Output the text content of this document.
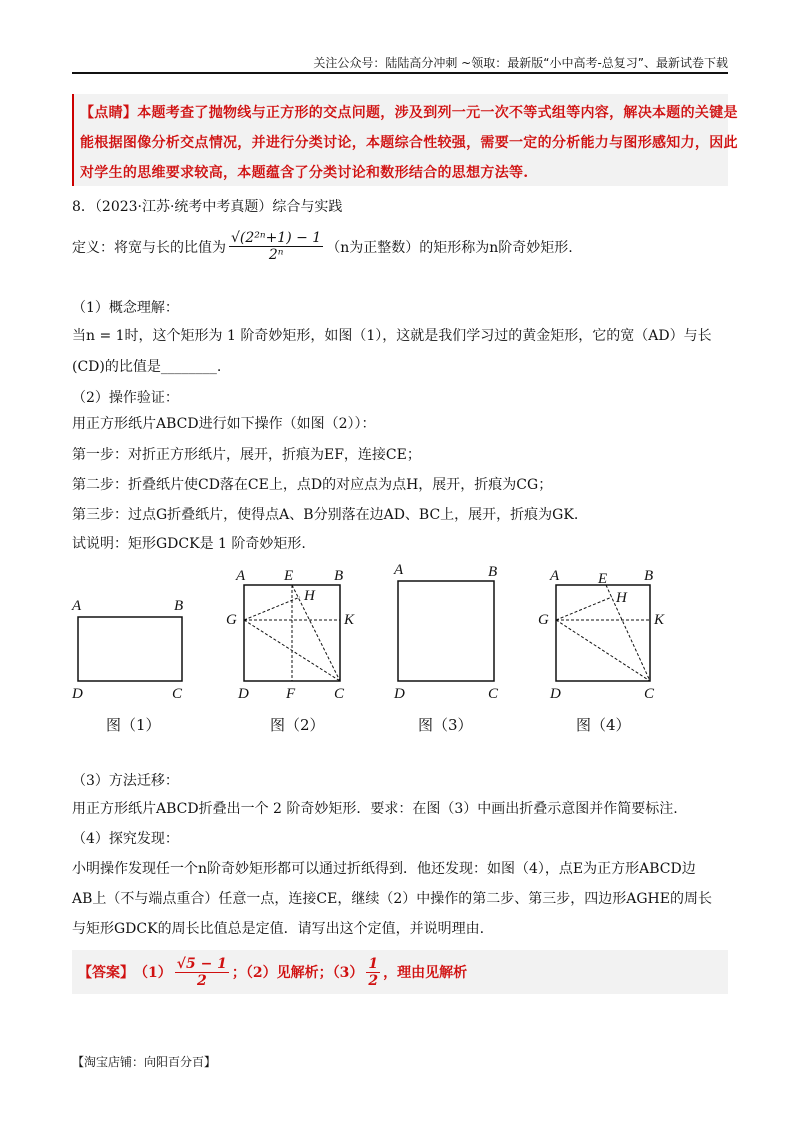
关注公众号：陆陆高分冲刺 ~领取：最新版“小中高考-总复习”、最新试卷下载

【点睛】本题考查了抛物线与正方形的交点问题，涉及到列一元一次不等式组等内容，解决本题的关键是

能根据图像分析交点情况，并进行分类讨论，本题综合性较强，需要一定的分析能力与图形感知力，因此

对学生的思维要求较高，本题蕴含了分类讨论和数形结合的思想方法等.

8．（2023·江苏·统考中考真题）综合与实践
定义：将宽与长的比值为 $\frac{\text{√(2²ⁿ+1) − 1}}{\text{2ⁿ}} (n$为正整数）的矩形称为n阶奇妙矩形.
（1）概念理解：
当n = 1时，这个矩形为 1 阶奇妙矩形，如图（1），这就是我们学习过的黄金矩形，它的宽（AD）与长
(CD)的比值是________.
（2）操作验证：
用正方形纸片ABCD进行如下操作（如图（2））：
第一步：对折正方形纸片，展开，折痕为EF，连接CE；
第二步：折叠纸片使CD落在CE上，点D的对应点为点H，展开，折痕为CG；
第三步：过点G折叠纸片，使得点A、B分别落在边AD、BC上，展开，折痕为GK.
试说明：矩形GDCK是 1 阶奇妙矩形.
A	B
C
D
图（1）
A	E	B
H
G	K
D F	C
图（2）
A	B
C
D
图（3）
A	E B
H
G	K
D	C
图（4）
（3）方法迁移：
用正方形纸片ABCD折叠出一个 2 阶奇妙矩形．要求：在图（3）中画出折叠示意图并作简要标注.
（4）探究发现：
小明操作发现任一个n阶奇妙矩形都可以通过折纸得到．他还发现：如图（4），点E为正方形ABCD边
AB上（不与端点重合）任意一点，连接CE，继续（2）中操作的第二步、第三步，四边形AGHE的周长
与矩形GDCK的周长比值总是定值．请写出这个定值，并说明理由.
【答案】 $(1) \frac{√5 - 1}{2}$ ；（2）见解析；$(3) \frac{1}{2}$ ，理由见解析
【淘宝店铺：向阳百分百】
